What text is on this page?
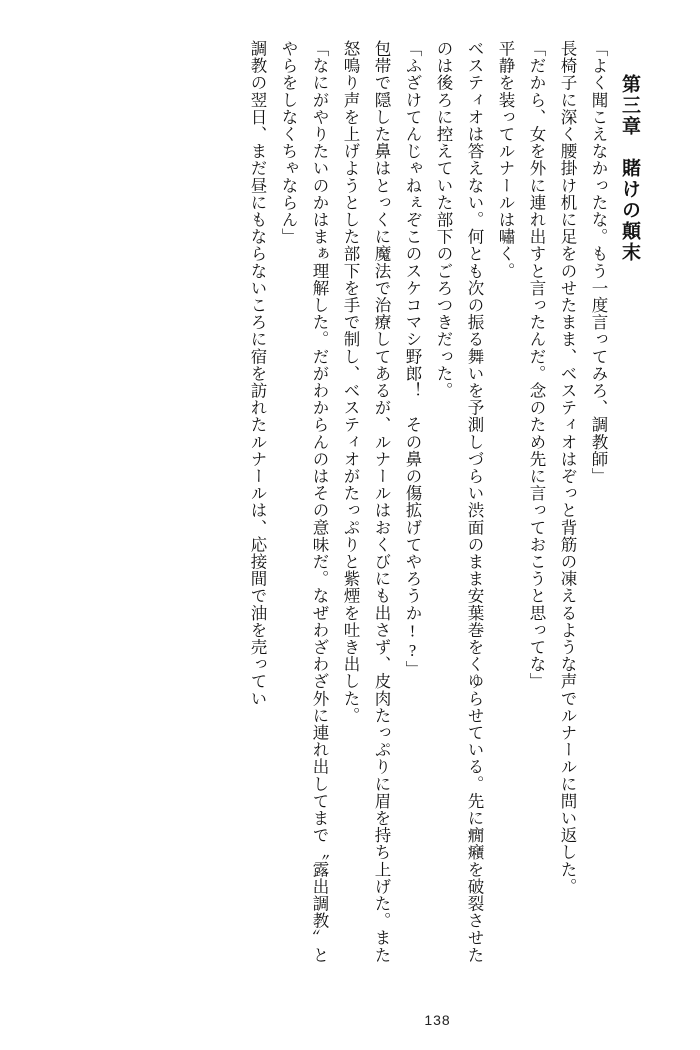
第三章　賭けの顛末

「よく聞こえなかったな。もう一度言ってみろ、調教師」

長椅子に深く腰掛け机に足をのせたまま、ベスティオはぞっと背筋の凍えるような声でルナールに問い返した。

「だから、女を外に連れ出すと言ったんだ。念のため先に言っておこうと思ってな」

平静を装ってルナールは嘯く。

ベスティオは答えない。何とも次の振る舞いを予測しづらい渋面のまま安葉巻をくゆらせている。先に癇癪を破裂させたのは後ろに控えていた部下のごろつきだった。

「ふざけてんじゃねぇぞこのスケコマシ野郎！　その鼻の傷拡げてやろうか!?」

包帯で隠した鼻はとっくに魔法で治療してあるが、ルナールはおくびにも出さず、皮肉たっぷりに眉を持ち上げた。また怒鳴り声を上げようとした部下を手で制し、ベスティオがたっぷりと紫煙を吐き出した。

「なにがやりたいのかはまぁ理解した。だがわからんのはその意味だ。なぜわざわざ外に連れ出してまで〝露出調教〟とやらをしなくちゃならん」

調教の翌日、まだ昼にもならないころに宿を訪れたルナールは、応接間で油を売ってい

138
